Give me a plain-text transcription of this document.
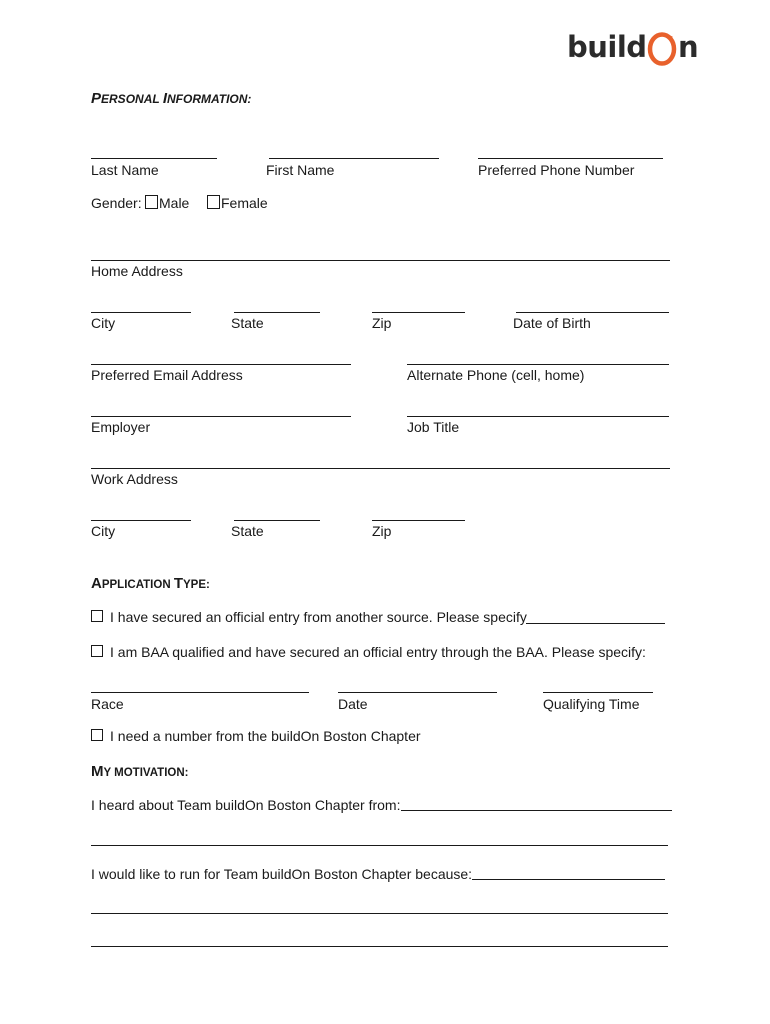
build n
PERSONAL INFORMATION:
Last Name	First Name	Preferred Phone Number
Gender: Male Female
Home Address
City	State	Zip	Date of Birth
Preferred Email Address	Alternate Phone (cell, home)
Employer	Job Title
Work Address
City	State	Zip
APPLICATION TYPE:
I have secured an official entry from another source. Please specify
I am BAA qualified and have secured an official entry through the BAA. Please specify:
Race	Date	Qualifying Time
I need a number from the buildOn Boston Chapter
MY MOTIVATION:
I heard about Team buildOn Boston Chapter from:
I would like to run for Team buildOn Boston Chapter because:
